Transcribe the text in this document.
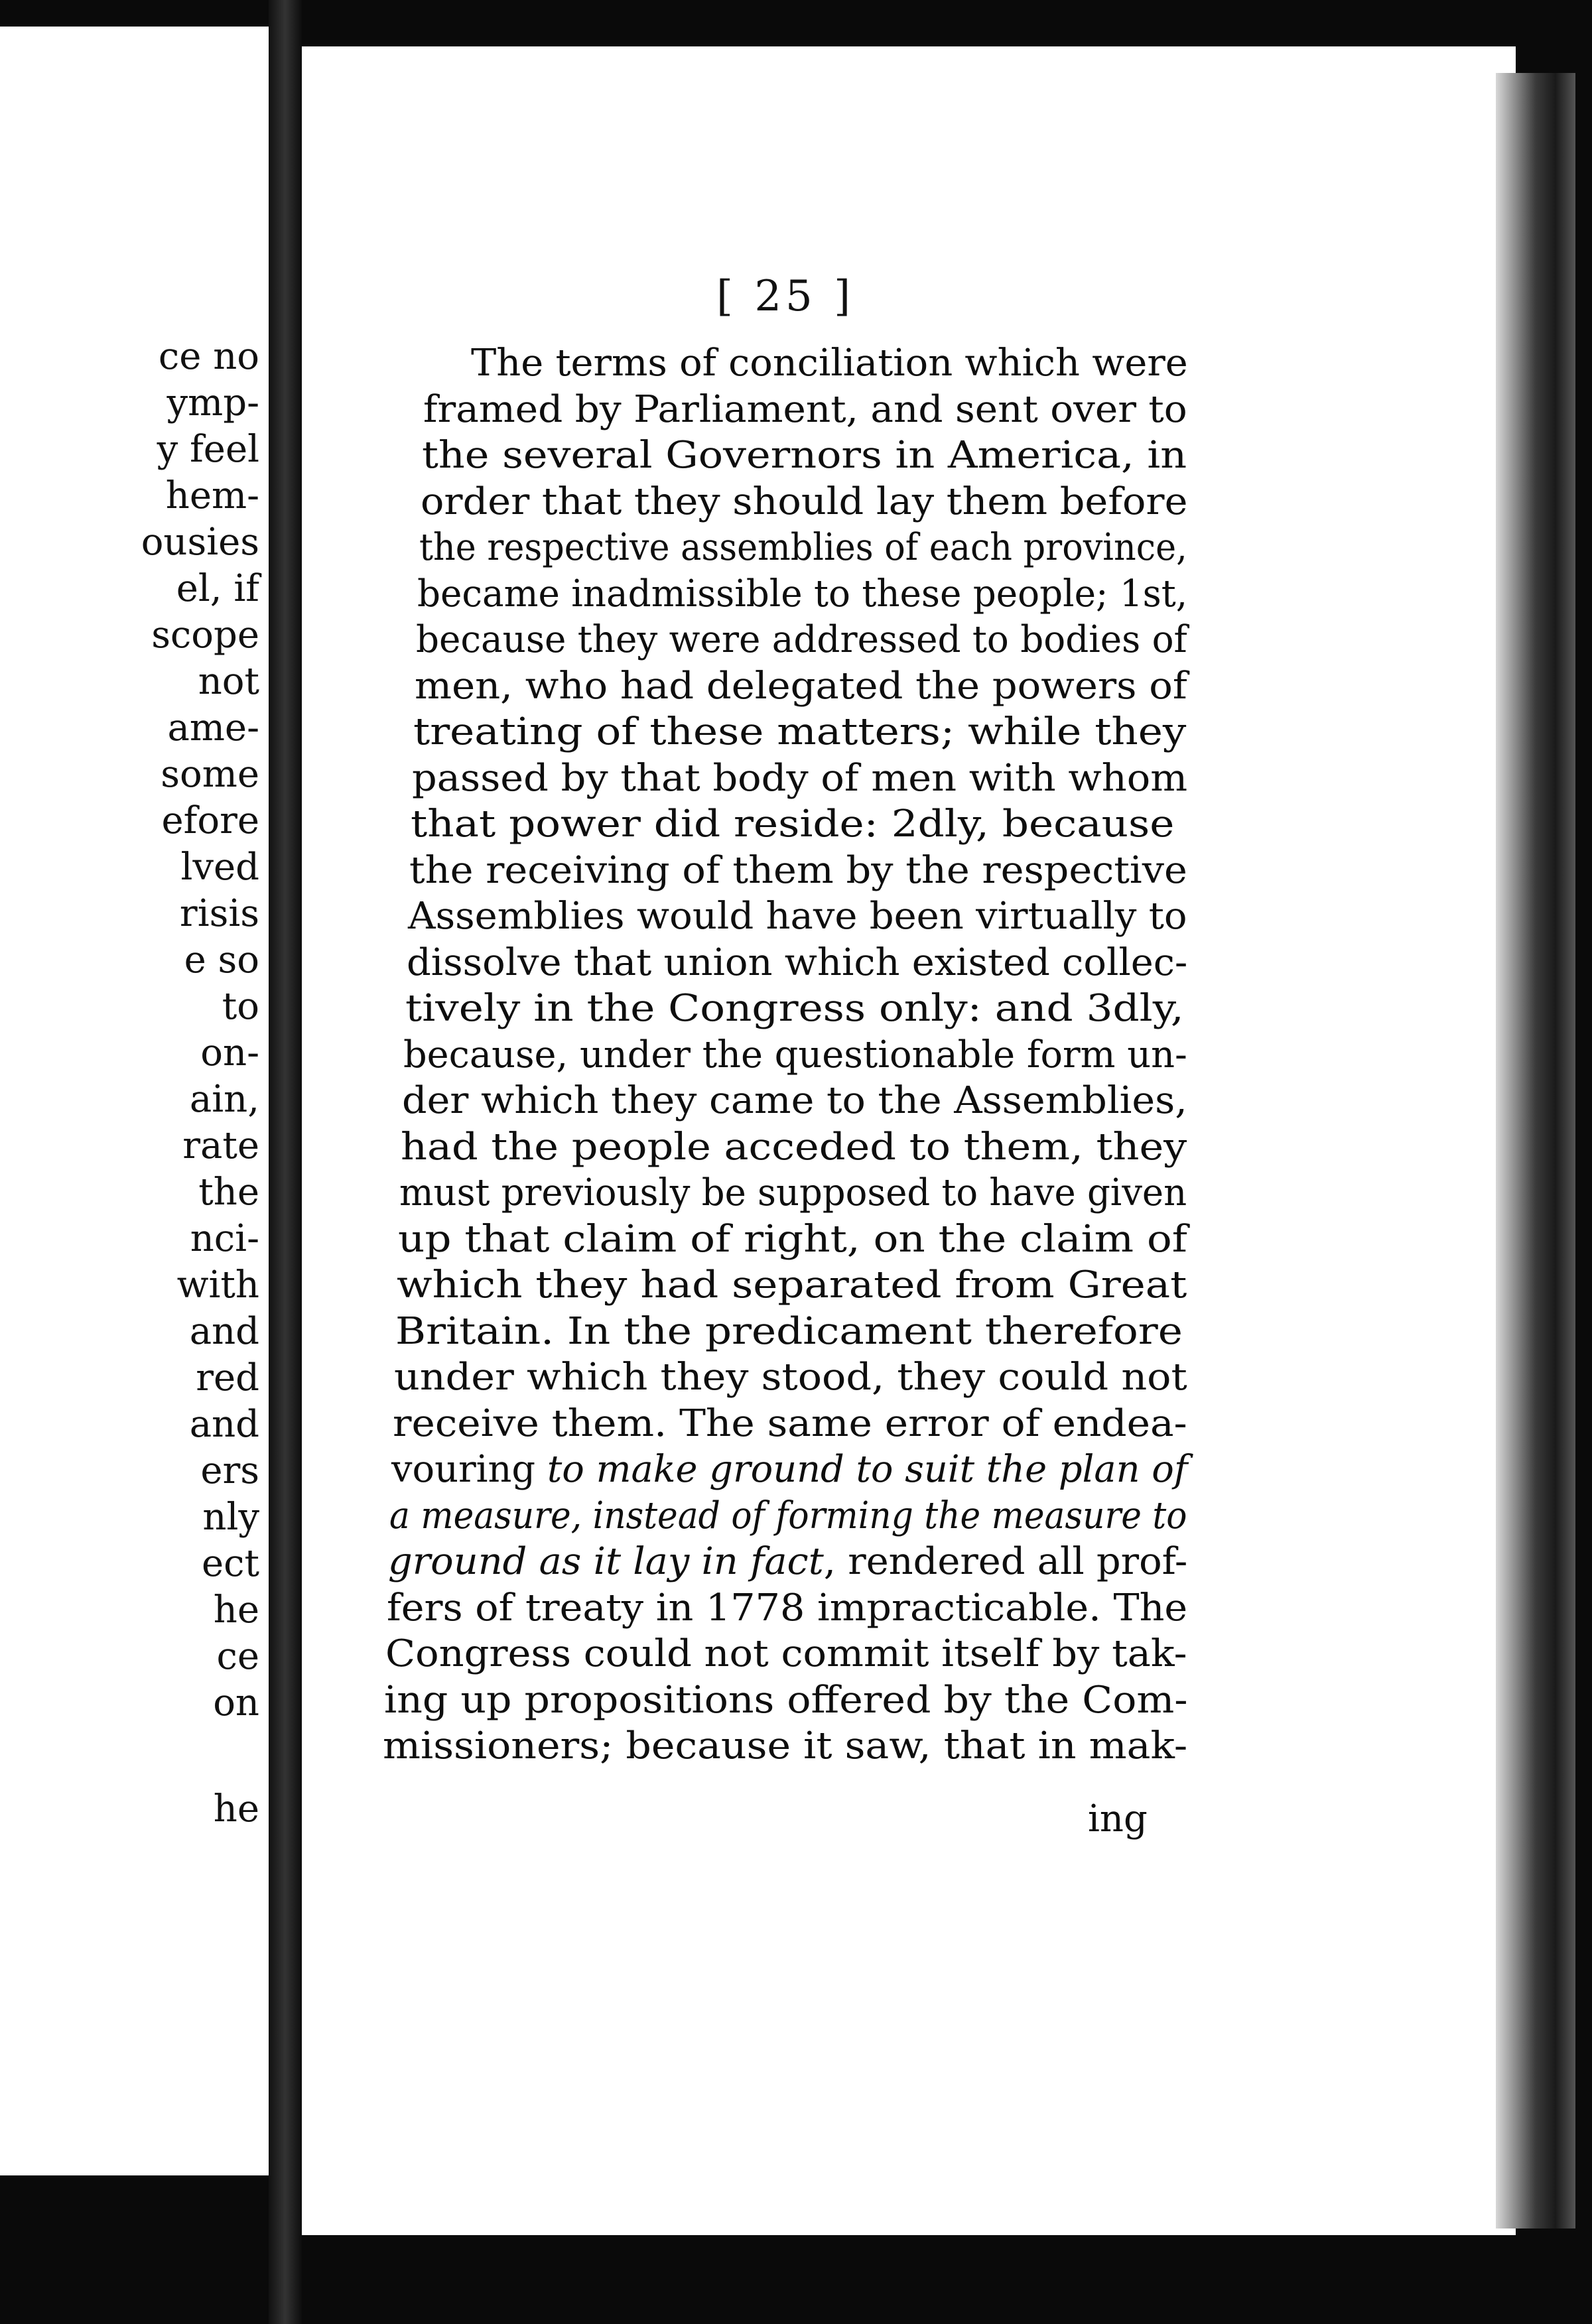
ce no
ymp-
y feel
hem-
ousies
el, if
scope
not
ame-
some
efore
lved
risis
e so
to
on-
ain,
rate
the
nci-
with
and
red
and
ers
nly
ect
he
ce
on
he
[ 25 ]
The terms of conciliation which were
framed by Parliament, and sent over to
the several Governors in America, in
order that they should lay them before
the respective assemblies of each province,
became inadmissible to these people; 1st,
because they were addressed to bodies of
men, who had delegated the powers of
treating of these matters; while they
passed by that body of men with whom
that power did reside: 2dly, because
the receiving of them by the respective
Assemblies would have been virtually to
dissolve that union which existed collec-
tively in the Congress only: and 3dly,
because, under the questionable form un-
der which they came to the Assemblies,
had the people acceded to them, they
must previously be supposed to have given
up that claim of right, on the claim of
which they had separated from Great
Britain. In the predicament therefore
under which they stood, they could not
receive them. The same error of endea-
vouring to make ground to suit the plan of
a measure, instead of forming the measure to
ground as it lay in fact, rendered all prof-
fers of treaty in 1778 impracticable. The
Congress could not commit itself by tak-
ing up propositions offered by the Com-
missioners; because it saw, that in mak-
ing
